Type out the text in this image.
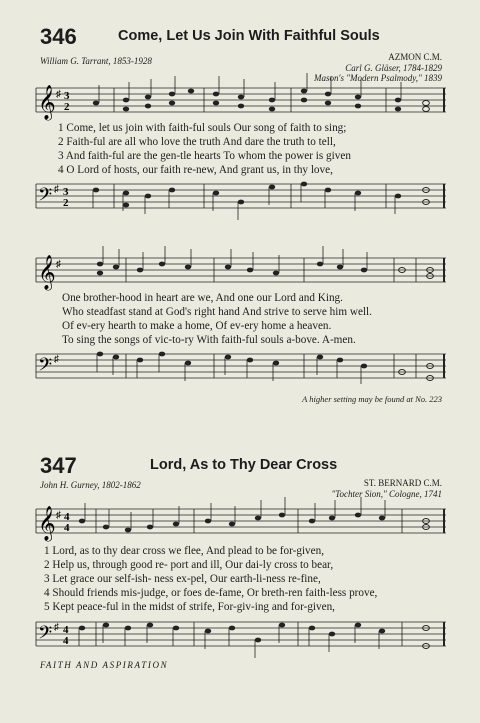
346	Come, Let Us Join With Faithful Souls
William G. Tarrant, 1853-1928	AZMON C.M.
Carl G. Gläser, 1784-1829
Mason's "Modern Psalmody," 1839
𝄞 ♯ 3
2
1 Come, let us join with faith-ful souls Our song of faith to sing;
2 Faith-ful are all who love the truth And dare the truth to tell,
3 And faith-ful are the gen-tle hearts To whom the power is given
4 O Lord of hosts, our faith re-new, And grant us, in thy love,
𝄢 ♯ 3
2
𝄞 ♯
One brother-hood in heart are we, And one our Lord and King.
Who steadfast stand at God's right hand And strive to serve him well.
Of ev-ery hearth to make a home, Of ev-ery home a heaven.
To sing the songs of vic-to-ry With faith-ful souls a-bove. A-men.
𝄢 ♯
A higher setting may be found at No. 223
347	Lord, As to Thy Dear Cross
John H. Gurney, 1802-1862	ST. BERNARD C.M.
"Tochter Sion," Cologne, 1741
𝄞 ♯ 4
4
1 Lord, as to thy dear cross we flee, And plead to be for-given,
2 Help us, through good re- port and ill, Our dai-ly cross to bear,
3 Let grace our self-ish- ness ex-pel, Our earth-li-ness re-fine,
4 Should friends mis-judge, or foes de-fame, Or breth-ren faith-less prove,
5 Kept peace-ful in the midst of strife, For-giv-ing and for-given,
𝄢 ♯ 4
4
FAITH AND ASPIRATION
